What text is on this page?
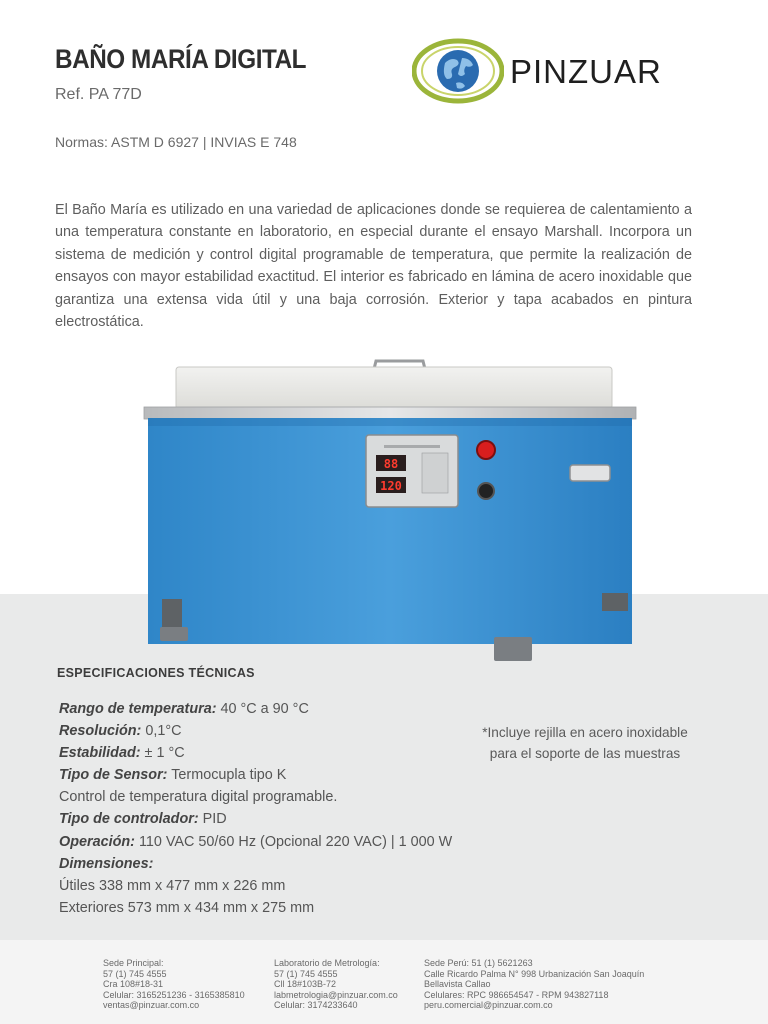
BAÑO MARÍA DIGITAL
Ref. PA 77D
Normas: ASTM D 6927 | INVIAS E 748
PINZUAR

El Baño María es utilizado en una variedad de aplicaciones donde se requierea de calentamiento a una temperatura constante en laboratorio, en especial durante el ensayo Marshall. Incorpora un sistema de medición y control digital programable de temperatura, que permite la realización de ensayos con mayor estabilidad exactitud. El interior es fabricado en lámina de acero inoxidable que garantiza una extensa vida útil y una baja corrosión. Exterior y tapa acabados en pintura electrostática.

88
120
ESPECIFICACIONES TÉCNICAS
Rango de temperatura: 40 °C a 90 °C
Resolución: 0,1°C
Estabilidad: ± 1 °C
Tipo de Sensor: Termocupla tipo K
Control de temperatura digital programable.
Tipo de controlador: PID
Operación: 110 VAC 50/60 Hz (Opcional 220 VAC) | 1 000 W
Dimensiones:
Útiles 338 mm x 477 mm x 226 mm
Exteriores 573 mm x 434 mm x 275 mm
*Incluye rejilla en acero inoxidable
para el soporte de las muestras
Sede Principal:
57 (1) 745 4555
Cra 108#18-31
Celular: 3165251236 - 3165385810
ventas@pinzuar.com.co
Laboratorio de Metrología:
57 (1) 745 4555
Cll 18#103B-72
labmetrologia@pinzuar.com.co
Celular: 3174233640
Sede Perú: 51 (1) 5621263
Calle Ricardo Palma N° 998 Urbanización San Joaquín
Bellavista Callao
Celulares: RPC 986654547 - RPM 943827118
peru.comercial@pinzuar.com.co
